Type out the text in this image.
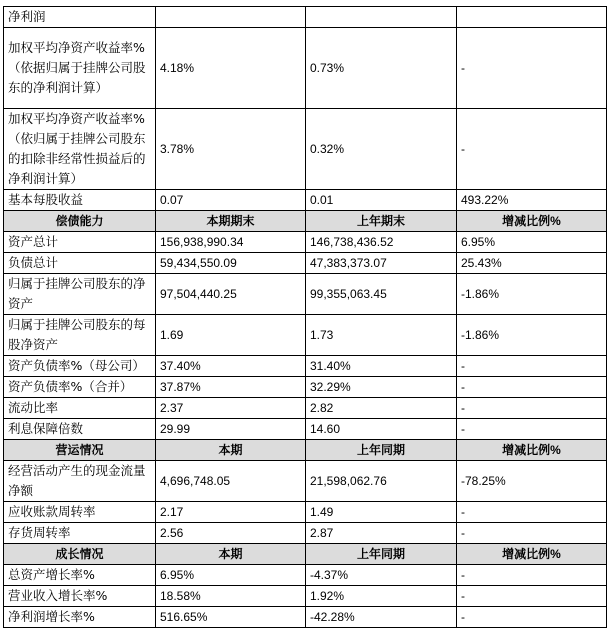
净利润			
加权平均净资产收益率%（依据归属于挂牌公司股东的净利润计算）	4.18%	0.73%	-
加权平均净资产收益率%（依归属于挂牌公司股东的扣除非经常性损益后的净利润计算）	3.78%	0.32%	-
基本每股收益	0.07	0.01	493.22%
偿债能力	本期期末	上年期末	增减比例%
资产总计	156,938,990.34	146,738,436.52	6.95%
负债总计	59,434,550.09	47,383,373.07	25.43%
归属于挂牌公司股东的净资产	97,504,440.25	99,355,063.45	-1.86%
归属于挂牌公司股东的每股净资产	1.69	1.73	-1.86%
资产负债率%（母公司）	37.40%	31.40%	-
资产负债率%（合并）	37.87%	32.29%	-
流动比率	2.37	2.82	-
利息保障倍数	29.99	14.60	-
营运情况	本期	上年同期	增减比例%
经营活动产生的现金流量净额	4,696,748.05	21,598,062.76	-78.25%
应收账款周转率	2.17	1.49	-
存货周转率	2.56	2.87	-
成长情况	本期	上年同期	增减比例%
总资产增长率%	6.95%	-4.37%	-
营业收入增长率%	18.58%	1.92%	-
净利润增长率%	516.65%	-42.28%	-
